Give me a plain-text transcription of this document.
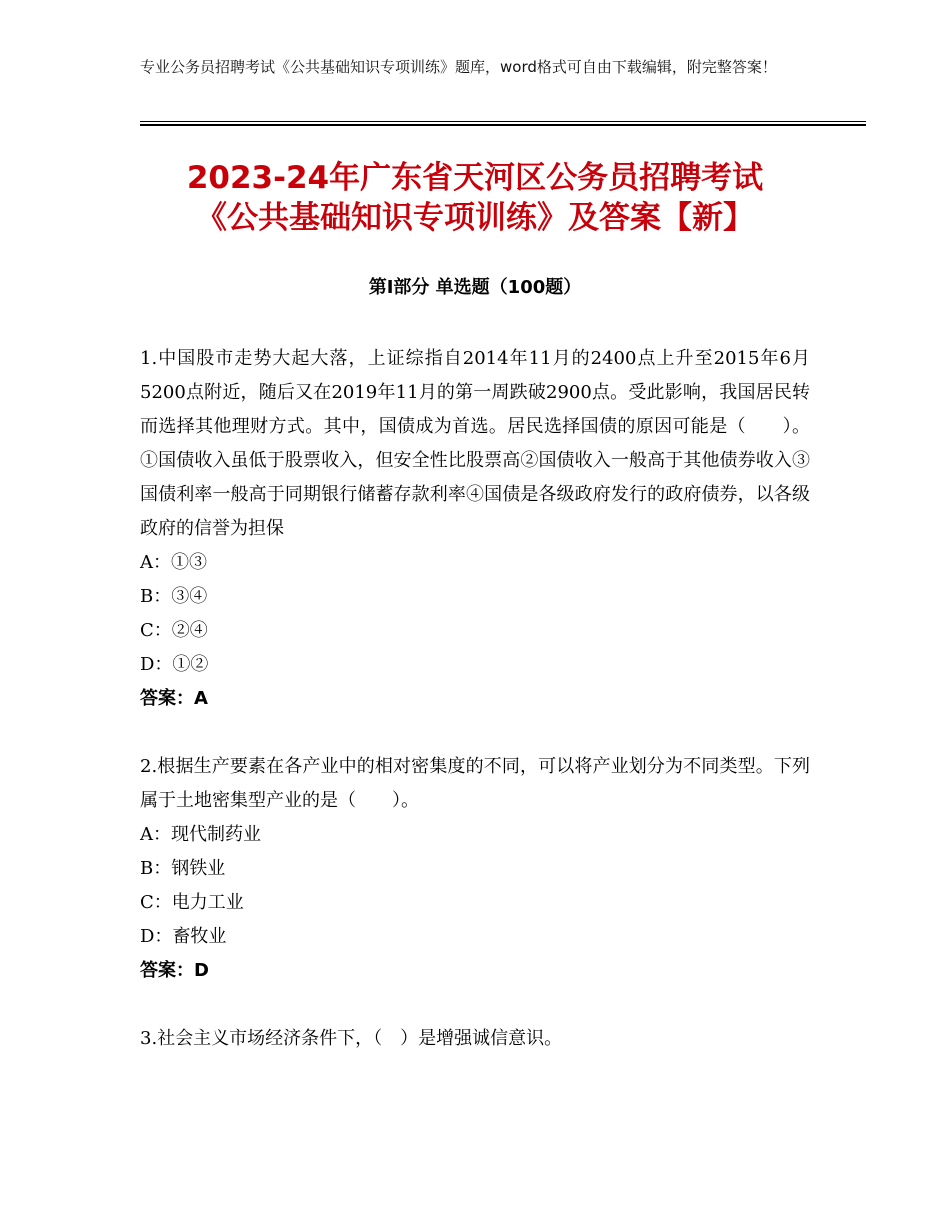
专业公务员招聘考试《公共基础知识专项训练》题库，word格式可自由下载编辑，附完整答案！
2023-24年广东省天河区公务员招聘考试
《公共基础知识专项训练》及答案【新】
第Ⅰ部分 单选题（100题）

1.中国股市走势大起大落，上证综指自2014年11月的2400点上升至2015年6月5200点附近，随后又在2019年11月的第一周跌破2900点。受此影响，我国居民转而选择其他理财方式。其中，国债成为首选。居民选择国债的原因可能是（　　）。①国债收入虽低于股票收入，但安全性比股票高②国债收入一般高于其他债券收入③国债利率一般高于同期银行储蓄存款利率④国债是各级政府发行的政府债券，以各级政府的信誉为担保

A：①③

B：③④

C：②④

D：①②

答案：A

2.根据生产要素在各产业中的相对密集度的不同，可以将产业划分为不同类型。下列属于土地密集型产业的是（　　）。

A：现代制药业

B：钢铁业

C：电力工业

D：畜牧业

答案：D

3.社会主义市场经济条件下，（　）是增强诚信意识。
